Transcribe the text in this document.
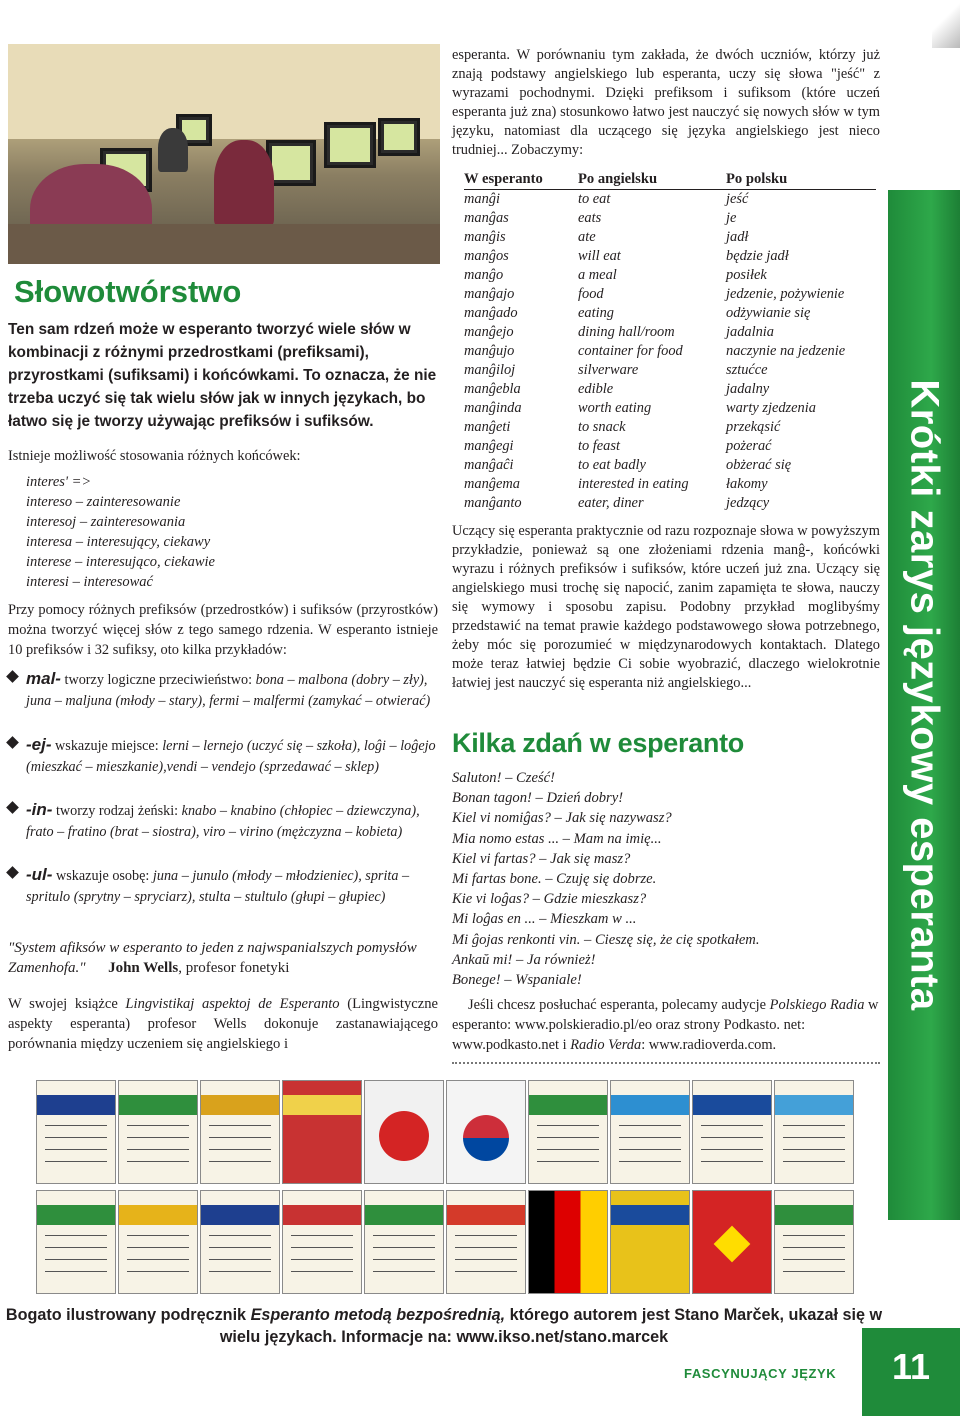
Krótki zarys językowy esperanta
Słowotwórstwo
Ten sam rdzeń może w esperanto tworzyć wiele słów w kombinacji z różnymi przedrostkami (prefiksami), przyrostkami (sufiksami) i końcówkami. To oznacza, że nie trzeba uczyć się tak wielu słów jak w innych językach, bo łatwo się je tworzy używając prefiksów i sufiksów.
Istnieje możliwość stosowania różnych końcówek:
interes' =>
intereso – zainteresowanie
interesoj – zainteresowania
interesa – interesujący, ciekawy
interese – interesująco, ciekawie
interesi – interesować
Przy pomocy różnych prefiksów (przedrostków) i sufiksów (przyrostków) można tworzyć więcej słów z tego samego rdzenia. W esperanto istnieje 10 prefiksów i 32 sufiksy, oto kilka przykładów:
mal- tworzy logiczne przeciwieństwo: bona – malbona (dobry – zły), juna – maljuna (młody – stary), fermi – malfermi (zamykać – otwierać)
-ej- wskazuje miejsce: lerni – lernejo (uczyć się – szkoła), loĝi – loĝejo (mieszkać – mieszkanie),vendi – vendejo (sprzedawać – sklep)
-in- tworzy rodzaj żeński: knabo – knabino (chłopiec – dziewczyna), frato – fratino (brat – siostra), viro – virino (mężczyzna – kobieta)
-ul- wskazuje osobę: juna – junulo (młody – młodzieniec), sprita – spritulo (sprytny – spryciarz), stulta – stultulo (głupi – głupiec)
"System afiksów w esperanto to jeden z najwspanialszych pomysłów Zamenhofa." John Wells, profesor fonetyki
W swojej książce Lingvistikaj aspektoj de Esperanto (Lingwistyczne aspekty esperanta) profesor Wells dokonuje zastanawiającego porównania między uczeniem się angielskiego i
esperanta. W porównaniu tym zakłada, że dwóch uczniów, którzy już znają podstawy angielskiego lub esperanta, uczy się słowa "jeść" z wyrazami pochodnymi. Dzięki prefiksom i sufiksom (które uczeń esperanta już zna) stosunkowo łatwo jest nauczyć się nowych słów w tym języku, natomiast dla uczącego się języka angielskiego jest nieco trudniej... Zobaczymy:
W esperanto	Po angielsku	Po polsku
manĝi	to eat	jeść
manĝas	eats	je
manĝis	ate	jadł
manĝos	will eat	będzie jadł
manĝo	a meal	posiłek
manĝajo	food	jedzenie, pożywienie
manĝado	eating	odżywianie się
manĝejo	dining hall/room	jadalnia
manĝujo	container for food	naczynie na jedzenie
manĝiloj	silverware	sztućce
manĝebla	edible	jadalny
manĝinda	worth eating	warty zjedzenia
manĝeti	to snack	przekąsić
manĝegi	to feast	pożerać
manĝaĉi	to eat badly	obżerać się
manĝema	interested in eating	łakomy
manĝanto	eater, diner	jedzący
Uczący się esperanta praktycznie od razu rozpoznaje słowa w powyższym przykładzie, ponieważ są one złożeniami rdzenia manĝ-, końcówki wyrazu i różnych prefiksów i sufiksów, które uczeń już zna. Uczący się angielskiego musi trochę się napocić, zanim zapamięta te słowa, nauczy się wymowy i sposobu zapisu. Podobny przykład moglibyśmy przedstawić na temat prawie każdego podstawowego słowa potrzebnego, żeby móc się porozumieć w międzynarodowych kontaktach. Dlatego może teraz łatwiej będzie Ci sobie wyobrazić, dlaczego wielokrotnie łatwiej jest nauczyć się esperanta niż angielskiego...
Kilka zdań w esperanto
Saluton! – Cześć!
Bonan tagon! – Dzień dobry!
Kiel vi nomiĝas? – Jak się nazywasz?
Mia nomo estas ... – Mam na imię...
Kiel vi fartas? – Jak się masz?
Mi fartas bone. – Czuję się dobrze.
Kie vi loĝas? – Gdzie mieszkasz?
Mi loĝas en ... – Mieszkam w ...
Mi ĝojas renkonti vin. – Cieszę się, że cię spotkałem.
Ankaŭ mi! – Ja również!
Bonege! – Wspaniale!
Jeśli chcesz posłuchać esperanta, polecamy audycje Polskiego Radia w esperanto: www.polskieradio.pl/eo oraz strony Podkasto. net: www.podkasto.net i Radio Verda: www.radioverda.com.
Bogato ilustrowany podręcznik Esperanto metodą bezpośrednią, którego autorem jest Stano Marček, ukazał się w wielu językach. Informacje na: www.ikso.net/stano.marcek
FASCYNUJĄCY JĘZYK	11
